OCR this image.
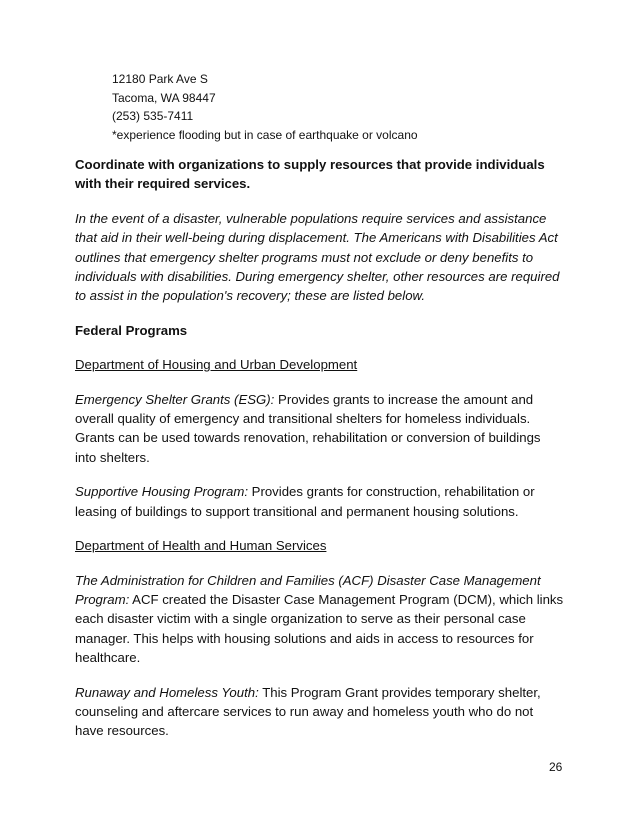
12180 Park Ave S
Tacoma, WA 98447
(253) 535-7411
*experience flooding but in case of earthquake or volcano

Coordinate with organizations to supply resources that provide individuals with their required services.

In the event of a disaster, vulnerable populations require services and assistance that aid in their well-being during displacement. The Americans with Disabilities Act outlines that emergency shelter programs must not exclude or deny benefits to individuals with disabilities. During emergency shelter, other resources are required to assist in the population's recovery; these are listed below.

Federal Programs

Department of Housing and Urban Development

Emergency Shelter Grants (ESG): Provides grants to increase the amount and overall quality of emergency and transitional shelters for homeless individuals. Grants can be used towards renovation, rehabilitation or conversion of buildings into shelters.

Supportive Housing Program: Provides grants for construction, rehabilitation or leasing of buildings to support transitional and permanent housing solutions.

Department of Health and Human Services

The Administration for Children and Families (ACF) Disaster Case Management Program: ACF created the Disaster Case Management Program (DCM), which links each disaster victim with a single organization to serve as their personal case manager. This helps with housing solutions and aids in access to resources for healthcare.

Runaway and Homeless Youth: This Program Grant provides temporary shelter, counseling and aftercare services to run away and homeless youth who do not have resources.

26
